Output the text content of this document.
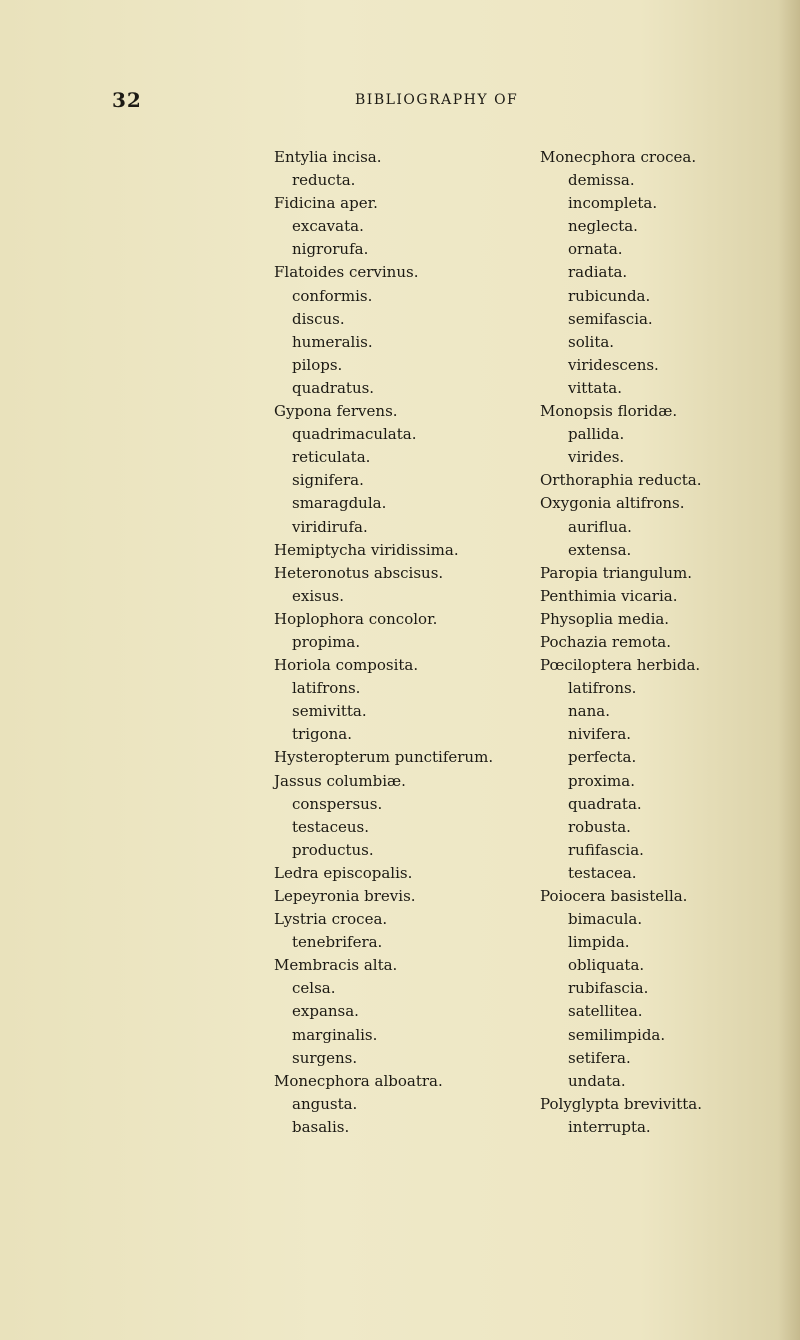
32	BIBLIOGRAPHY OF
Entylia incisa.
reducta.
Fidicina aper.
excavata.
nigrorufa.
Flatoides cervinus.
conformis.
discus.
humeralis.
pilops.
quadratus.
Gypona fervens.
quadrimaculata.
reticulata.
signifera.
smaragdula.
viridirufa.
Hemiptycha viridissima.
Heteronotus abscisus.
exisus.
Hoplophora concolor.
propima.
Horiola composita.
latifrons.
semivitta.
trigona.
Hysteropterum punctiferum.
Jassus columbiæ.
conspersus.
testaceus.
productus.
Ledra episcopalis.
Lepeyronia brevis.
Lystria crocea.
tenebrifera.
Membracis alta.
celsa.
expansa.
marginalis.
surgens.
Monecphora alboatra.
angusta.
basalis.
Monecphora crocea.
demissa.
incompleta.
neglecta.
ornata.
radiata.
rubicunda.
semifascia.
solita.
viridescens.
vittata.
Monopsis floridæ.
pallida.
virides.
Orthoraphia reducta.
Oxygonia altifrons.
auriflua.
extensa.
Paropia triangulum.
Penthimia vicaria.
Physoplia media.
Pochazia remota.
Pœciloptera herbida.
latifrons.
nana.
nivifera.
perfecta.
proxima.
quadrata.
robusta.
rufifascia.
testacea.
Poiocera basistella.
bimacula.
limpida.
obliquata.
rubifascia.
satellitea.
semilimpida.
setifera.
undata.
Polyglypta brevivitta.
interrupta.
